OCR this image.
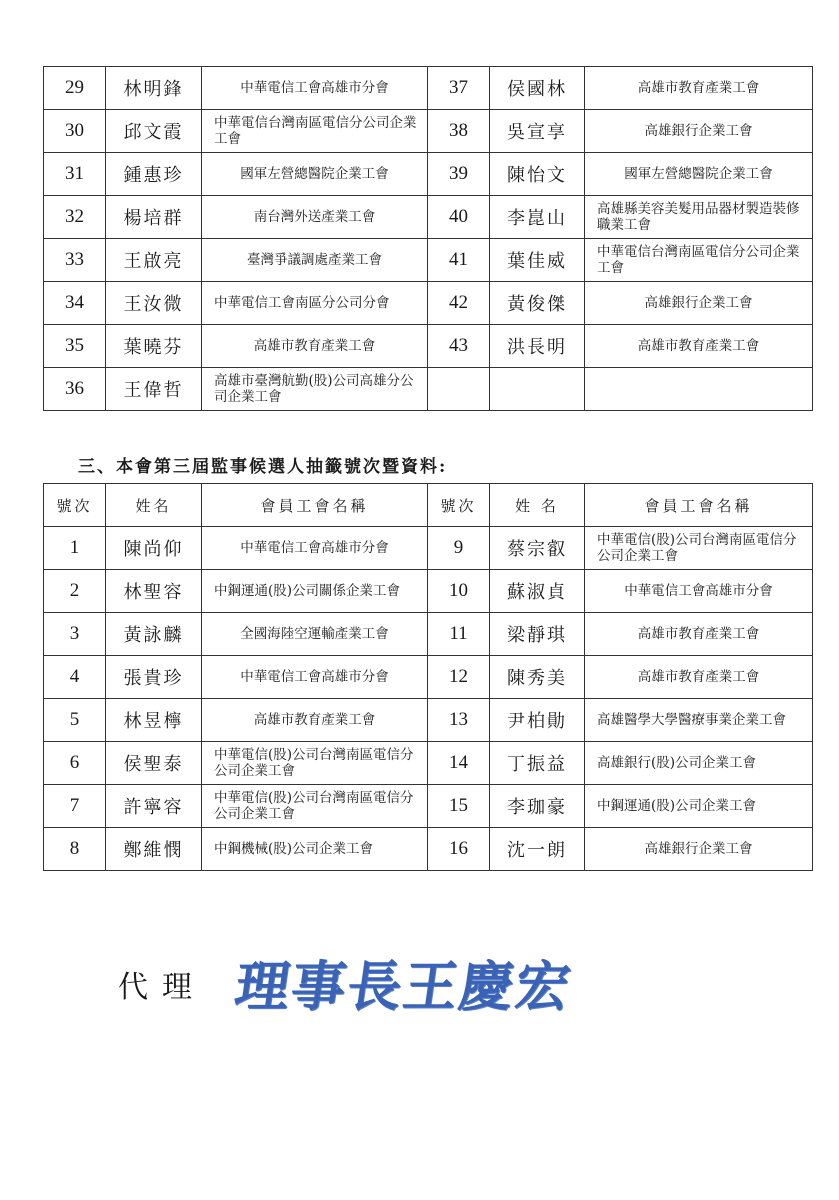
29	林明鋒	中華電信工會高雄市分會	37	侯國林	高雄市教育產業工會
30	邱文霞	中華電信台灣南區電信分公司企業工會	38	吳宣享	高雄銀行企業工會
31	鍾惠珍	國軍左營總醫院企業工會	39	陳怡文	國軍左營總醫院企業工會
32	楊培群	南台灣外送產業工會	40	李崑山	高雄縣美容美髮用品器材製造裝修職業工會
33	王啟亮	臺灣爭議調處產業工會	41	葉佳威	中華電信台灣南區電信分公司企業工會
34	王汝微	中華電信工會南區分公司分會	42	黃俊傑	高雄銀行企業工會
35	葉曉芬	高雄市教育產業工會	43	洪長明	高雄市教育產業工會
36	王偉哲	高雄市臺灣航勤(股)公司高雄分公司企業工會			
三、本會第三屆監事候選人抽籤號次暨資料:
號次	姓名	會員工會名稱	號次	姓 名	會員工會名稱
1	陳尚仰	中華電信工會高雄市分會	9	蔡宗叡	中華電信(股)公司台灣南區電信分公司企業工會
2	林聖容	中鋼運通(股)公司關係企業工會	10	蘇淑貞	中華電信工會高雄市分會
3	黃詠麟	全國海陸空運輸產業工會	11	梁靜琪	高雄市教育產業工會
4	張貴珍	中華電信工會高雄市分會	12	陳秀美	高雄市教育產業工會
5	林昱檸	高雄市教育產業工會	13	尹柏勛	高雄醫學大學醫療事業企業工會
6	侯聖泰	中華電信(股)公司台灣南區電信分公司企業工會	14	丁振益	高雄銀行(股)公司企業工會
7	許寧容	中華電信(股)公司台灣南區電信分公司企業工會	15	李珈豪	中鋼運通(股)公司企業工會
8	鄭維憫	中鋼機械(股)公司企業工會	16	沈一朗	高雄銀行企業工會
代理 理事長王慶宏
